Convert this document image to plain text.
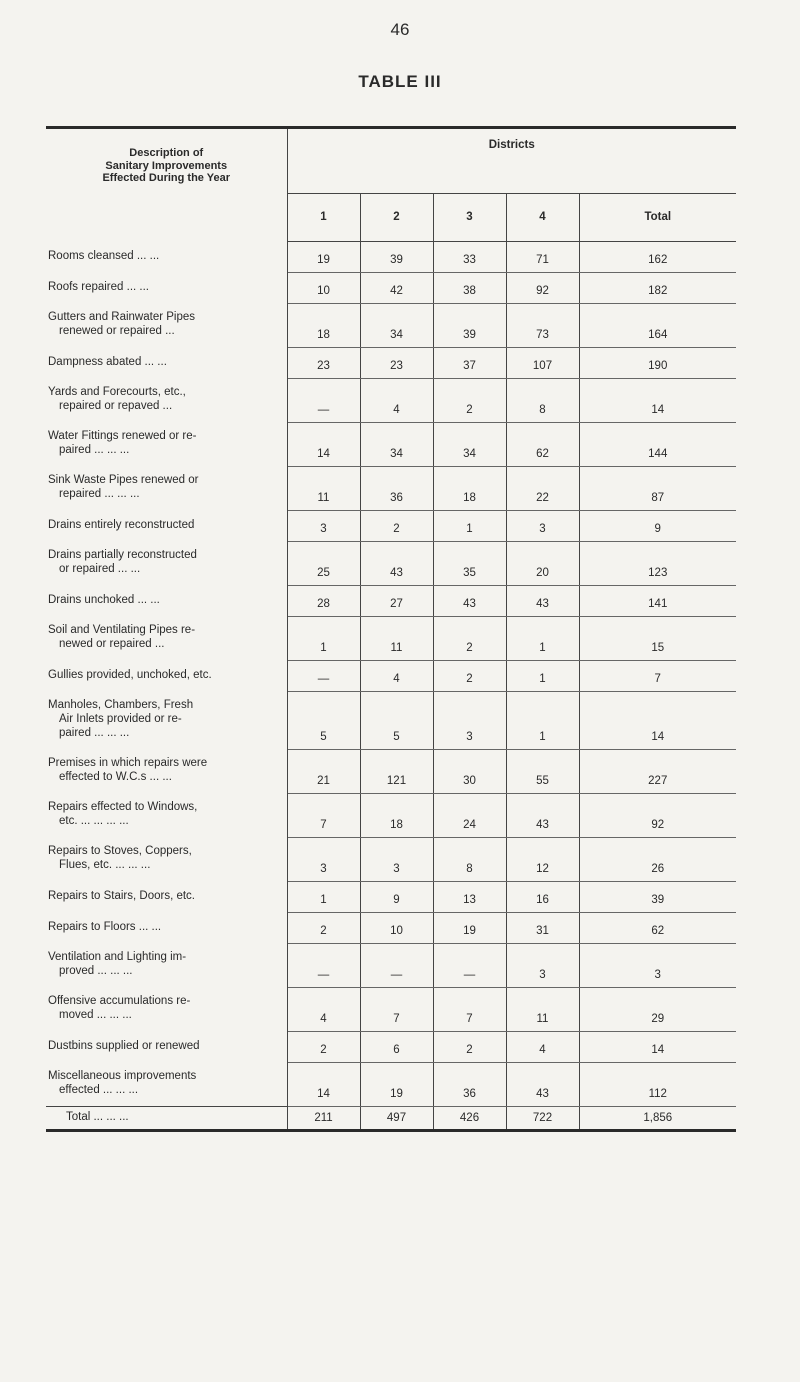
46
TABLE III
Description of
Sanitary Improvements
Effected During the Year	Districts				
	1	2	3	4	Total

Rooms cleansed ... ...	19	39	33	71	162

Roofs repaired ... ...	10	42	38	92	182

Gutters and Rainwater Pipes
renewed or repaired ...	18	34	39	73	164

Dampness abated ... ...	23	23	37	107	190

Yards and Forecourts, etc.,
repaired or repaved ...	—	4	2	8	14

Water Fittings renewed or re-
paired ... ... ...	14	34	34	62	144

Sink Waste Pipes renewed or
repaired ... ... ...	11	36	18	22	87

Drains entirely reconstructed	3	2	1	3	9

Drains partially reconstructed
or repaired ... ...	25	43	35	20	123

Drains unchoked ... ...	28	27	43	43	141

Soil and Ventilating Pipes re-
newed or repaired ...	1	11	2	1	15

Gullies provided, unchoked, etc.	—	4	2	1	7

Manholes, Chambers, Fresh
Air Inlets provided or re-
paired ... ... ...	5	5	3	1	14

Premises in which repairs were
effected to W.C.s ... ...	21	121	30	55	227

Repairs effected to Windows,
etc. ... ... ... ...	7	18	24	43	92

Repairs to Stoves, Coppers,
Flues, etc. ... ... ...	3	3	8	12	26

Repairs to Stairs, Doors, etc.	1	9	13	16	39

Repairs to Floors ... ...	2	10	19	31	62

Ventilation and Lighting im-
proved ... ... ...	—	—	—	3	3

Offensive accumulations re-
moved ... ... ...	4	7	7	11	29

Dustbins supplied or renewed	2	6	2	4	14

Miscellaneous improvements
effected ... ... ...	14	19	36	43	112
Total ... ... ...	211	497	426	722	1,856
